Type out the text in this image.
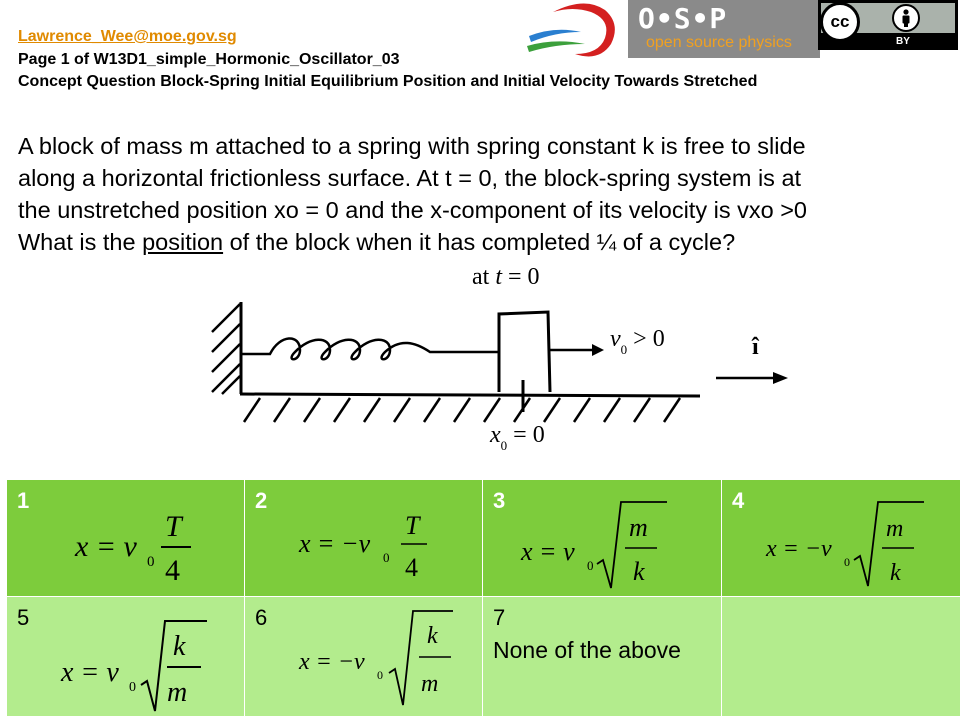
Lawrence_Wee@moe.gov.sg
Page 1 of W13D1_simple_Hormonic_Oscillator_03
Concept Question Block-Spring Initial Equilibrium Position and Initial Velocity Towards Stretched
O•S•P
open source physics
cc
BY
A block of mass m attached to a spring with spring constant k is free to slide
along a horizontal frictionless surface. At t = 0, the block-spring system is at
the unstretched position xo = 0 and the x-component of its velocity is vxo >0
What is the position of the block when it has completed ¼ of a cycle?
at t = 0
$v_0 > 0$	î
$x_0 = 0$
1
x = v 0
T
4
2
x = −v 0
T
4
3
x = v 0
m
k
4
x = −v 0
m
k
5
x = v 0
k
m
6
x = −v 0
k
m
7
None of the above
